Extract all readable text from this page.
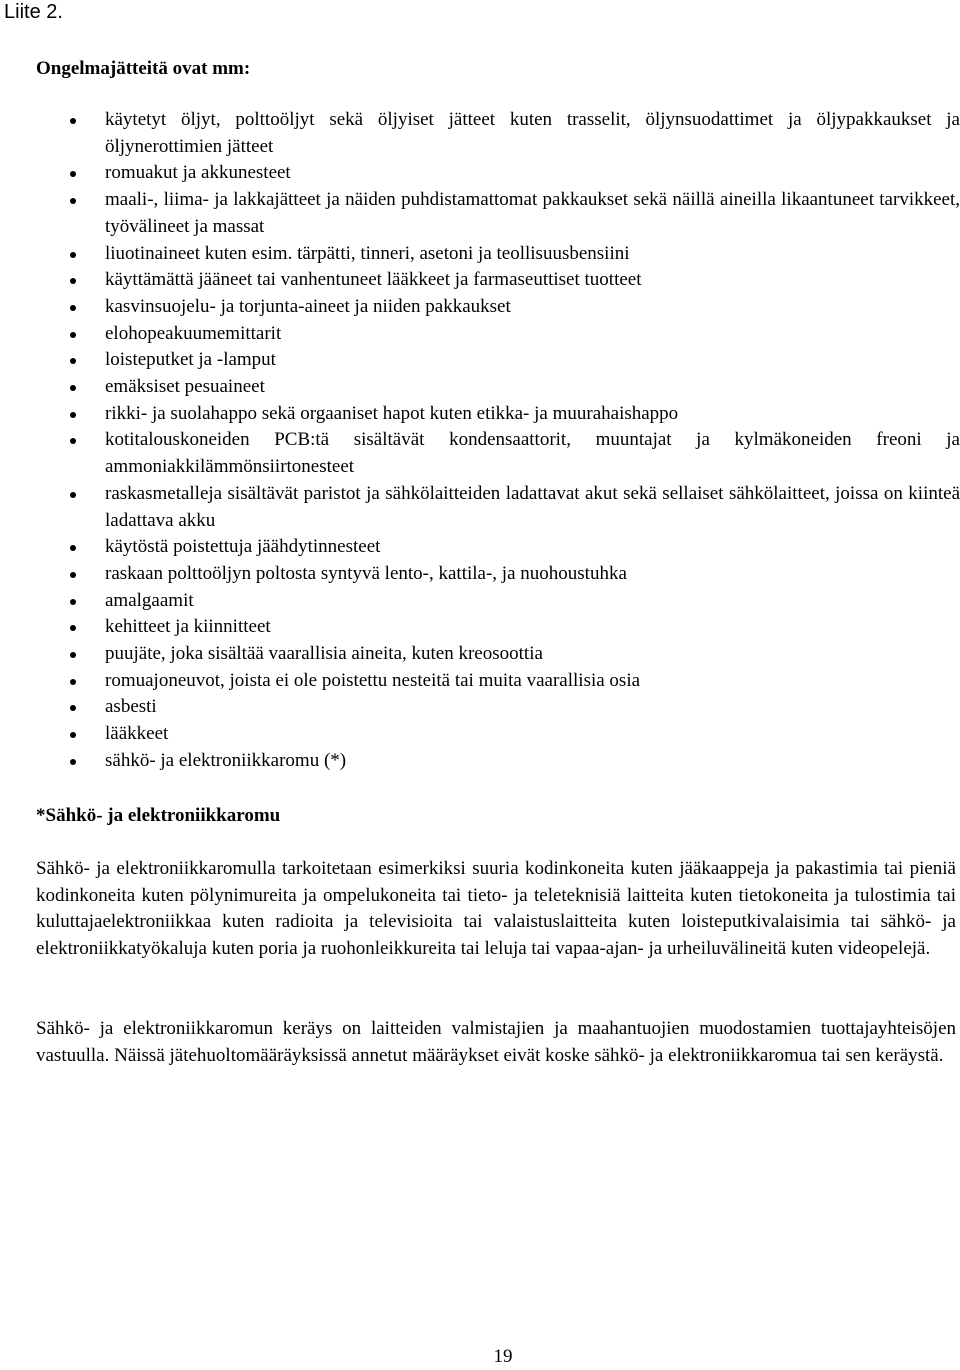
Liite 2.
Ongelmajätteitä ovat mm:
käytetyt öljyt, polttoöljyt sekä öljyiset jätteet kuten trasselit, öljynsuodattimet ja öljypakkaukset ja öljynerottimien jätteet
romuakut ja akkunesteet
maali-, liima- ja lakkajätteet ja näiden puhdistamattomat pakkaukset sekä näillä aineilla likaantuneet tarvikkeet, työvälineet ja massat
liuotinaineet kuten esim. tärpätti, tinneri, asetoni ja teollisuusbensiini
käyttämättä jääneet tai vanhentuneet lääkkeet ja farmaseuttiset tuotteet
kasvinsuojelu- ja torjunta-aineet ja niiden pakkaukset
elohopeakuumemittarit
loisteputket ja -lamput
emäksiset pesuaineet
rikki- ja suolahappo sekä orgaaniset hapot kuten etikka- ja muurahaishappo
kotitalouskoneiden PCB:tä sisältävät kondensaattorit, muuntajat ja kylmäkoneiden freoni ja ammoniakkilämmönsiirtonesteet
raskasmetalleja sisältävät paristot ja sähkölaitteiden ladattavat akut sekä sellaiset sähkölaitteet, joissa on kiinteä ladattava akku
käytöstä poistettuja jäähdytinnesteet
raskaan polttoöljyn poltosta syntyvä lento-, kattila-, ja nuohoustuhka
amalgaamit
kehitteet ja kiinnitteet
puujäte, joka sisältää vaarallisia aineita, kuten kreosoottia
romuajoneuvot, joista ei ole poistettu nesteitä tai muita vaarallisia osia
asbesti
lääkkeet
sähkö- ja elektroniikkaromu (*)
*Sähkö- ja elektroniikkaromu

Sähkö- ja elektroniikkaromulla tarkoitetaan esimerkiksi suuria kodinkoneita kuten jääkaappeja ja pakastimia tai pieniä kodinkoneita kuten pölynimureita ja ompelukoneita tai tieto- ja teleteknisiä laitteita kuten tietokoneita ja tulostimia tai kuluttajaelektroniikkaa kuten radioita ja televisioita tai valaistuslaitteita kuten loisteputkivalaisimia tai sähkö- ja elektroniikkatyökaluja kuten poria ja ruohonleikkureita tai leluja tai vapaa-ajan- ja urheiluvälineitä kuten videopelejä.

Sähkö- ja elektroniikkaromun keräys on laitteiden valmistajien ja maahantuojien muodostamien tuottajayhteisöjen vastuulla. Näissä jätehuoltomääräyksissä annetut määräykset eivät koske sähkö- ja elektroniikkaromua tai sen keräystä.

19
